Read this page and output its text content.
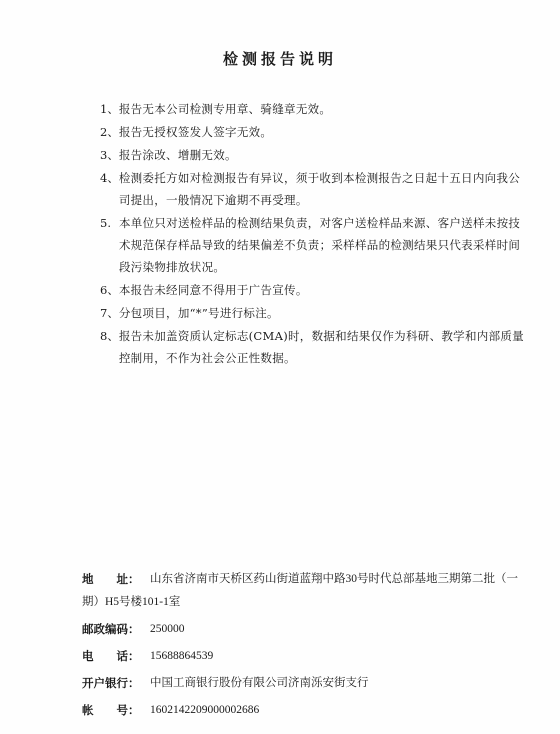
检测报告说明
1、 报告无本公司检测专用章、骑缝章无效。
2、 报告无授权签发人签字无效。
3、 报告涂改、增删无效。
4、 检测委托方如对检测报告有异议，须于收到本检测报告之日起十五日内向我公司提出，一般情况下逾期不再受理。
5. 本单位只对送检样品的检测结果负责，对客户送检样品来源、客户送样未按技术规范保存样品导致的结果偏差不负责；采样样品的检测结果只代表采样时间段污染物排放状况。
6、 本报告未经同意不得用于广告宣传。
7、 分包项目，加“*”号进行标注。
8、 报告未加盖资质认定标志(CMA)时，数据和结果仅作为科研、教学和内部质量控制用，不作为社会公正性数据。
地　　址： 山东省济南市天桥区药山街道蓝翔中路30号时代总部基地三期第二批（一
期）H5号楼101-1室
邮政编码： 250000
电　　话： 15688864539
开户银行： 中国工商银行股份有限公司济南泺安街支行
帐　　号： 1602142209000002686
